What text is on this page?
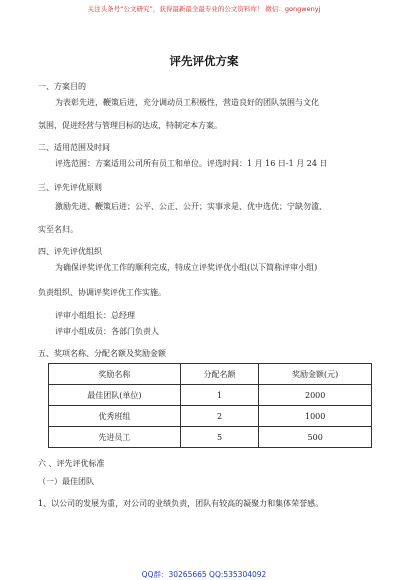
关注头条号“公文研究”，获得最新最全最专业的公文资料库！ 微信：gongwenyj
评先评优方案
一、方案目的
为表彰先进，鞭策后进，充分调动员工积极性，营造良好的团队氛围与文化
氛围，促进经营与管理目标的达成，特制定本方案。
二、适用范围及时间
评选范围：方案适用公司所有员工和单位。评选时间：1 月 16 日-1 月 24 日
三、评先评优原则
激励先进、鞭策后进；公平、公正、公开；实事求是、优中选优；宁缺勿滥、
实至名归。
四、评先评优组织
为确保评奖评优工作的顺利完成，特成立评奖评优小组(以下简称评审小组)
负责组织、协调评奖评优工作实施。
评审小组组长：总经理
评审小组成员：各部门负责人
五、奖项名称、分配名额及奖励金额
奖励名称	分配名额	奖励金额(元)
最佳团队(单位)	1	2000
优秀班组	2	1000
先进员工	5	500
六 、评先评优标准
（一）最佳团队
1、以公司的发展为重，对公司的业绩负责，团队有较高的凝聚力和集体荣誉感。
QQ群：30265665 QQ:535304092
